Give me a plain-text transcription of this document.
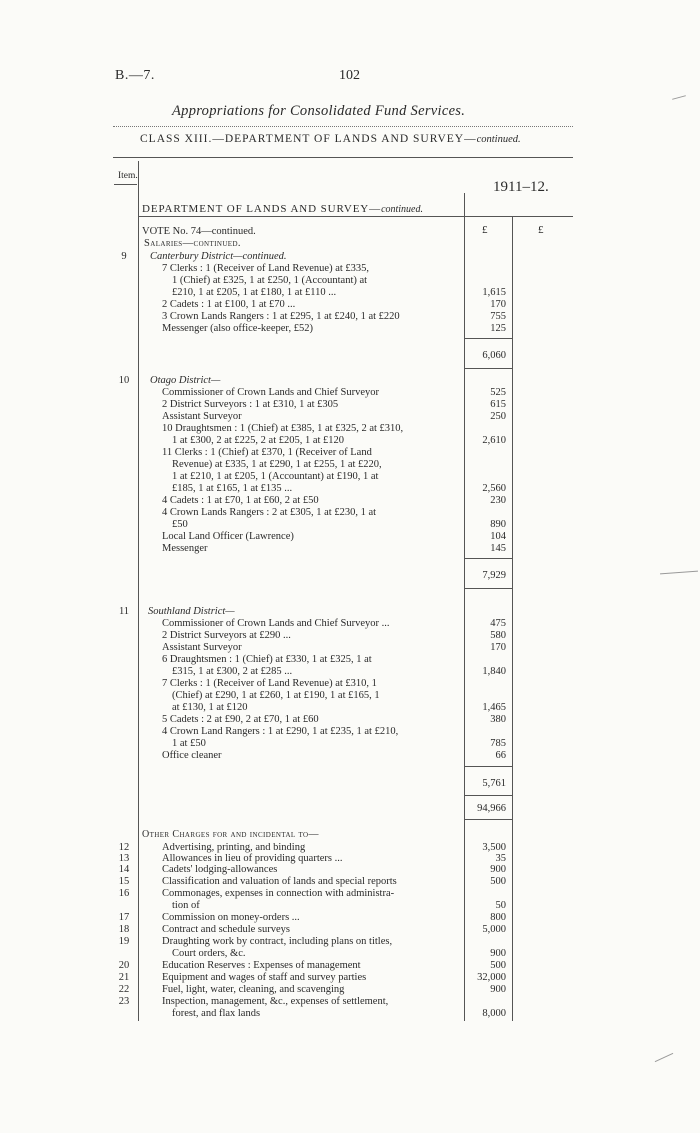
B.—7.	102
Appropriations for Consolidated Fund Services.
CLASS XIII.—DEPARTMENT OF LANDS AND SURVEY—continued.
Item.
1911–12.
DEPARTMENT OF LANDS AND SURVEY—continued.
£	£
VOTE No. 74—continued.
Salaries—continued.
9	Canterbury District—continued.
7 Clerks : 1 (Receiver of Land Revenue) at £335,
1 (Chief) at £325, 1 at £250, 1 (Accountant) at
£210, 1 at £205, 1 at £180, 1 at £110 ...	1,615
2 Cadets : 1 at £100, 1 at £70 ...	170
3 Crown Lands Rangers : 1 at £295, 1 at £240, 1 at £220	755
Messenger (also office-keeper, £52)	125
6,060
10	Otago District—
Commissioner of Crown Lands and Chief Surveyor	525
2 District Surveyors : 1 at £310, 1 at £305	615
Assistant Surveyor	250
10 Draughtsmen : 1 (Chief) at £385, 1 at £325, 2 at £310,
1 at £300, 2 at £225, 2 at £205, 1 at £120	2,610
11 Clerks : 1 (Chief) at £370, 1 (Receiver of Land
Revenue) at £335, 1 at £290, 1 at £255, 1 at £220,
1 at £210, 1 at £205, 1 (Accountant) at £190, 1 at
£185, 1 at £165, 1 at £135 ...	2,560
4 Cadets : 1 at £70, 1 at £60, 2 at £50	230
4 Crown Lands Rangers : 2 at £305, 1 at £230, 1 at
£50	890
Local Land Officer (Lawrence)	104
Messenger	145
7,929
11	Southland District—
Commissioner of Crown Lands and Chief Surveyor ...	475
2 District Surveyors at £290 ...	580
Assistant Surveyor	170
6 Draughtsmen : 1 (Chief) at £330, 1 at £325, 1 at
£315, 1 at £300, 2 at £285 ...	1,840
7 Clerks : 1 (Receiver of Land Revenue) at £310, 1
(Chief) at £290, 1 at £260, 1 at £190, 1 at £165, 1
at £130, 1 at £120	1,465
5 Cadets : 2 at £90, 2 at £70, 1 at £60	380
4 Crown Land Rangers : 1 at £290, 1 at £235, 1 at £210,
1 at £50	785
Office cleaner	66
5,761
94,966
Other Charges for and incidental to—
12	Advertising, printing, and binding	3,500
13	Allowances in lieu of providing quarters ...	35
14	Cadets' lodging-allowances	900
15	Classification and valuation of lands and special reports	500
16	Commonages, expenses in connection with administra-
tion of	50
17	Commission on money-orders ...	800
18	Contract and schedule surveys	5,000
19	Draughting work by contract, including plans on titles,
Court orders, &c.	900
20	Education Reserves : Expenses of management	500
21	Equipment and wages of staff and survey parties	32,000
22	Fuel, light, water, cleaning, and scavenging	900
23	Inspection, management, &c., expenses of settlement,
forest, and flax lands	8,000
